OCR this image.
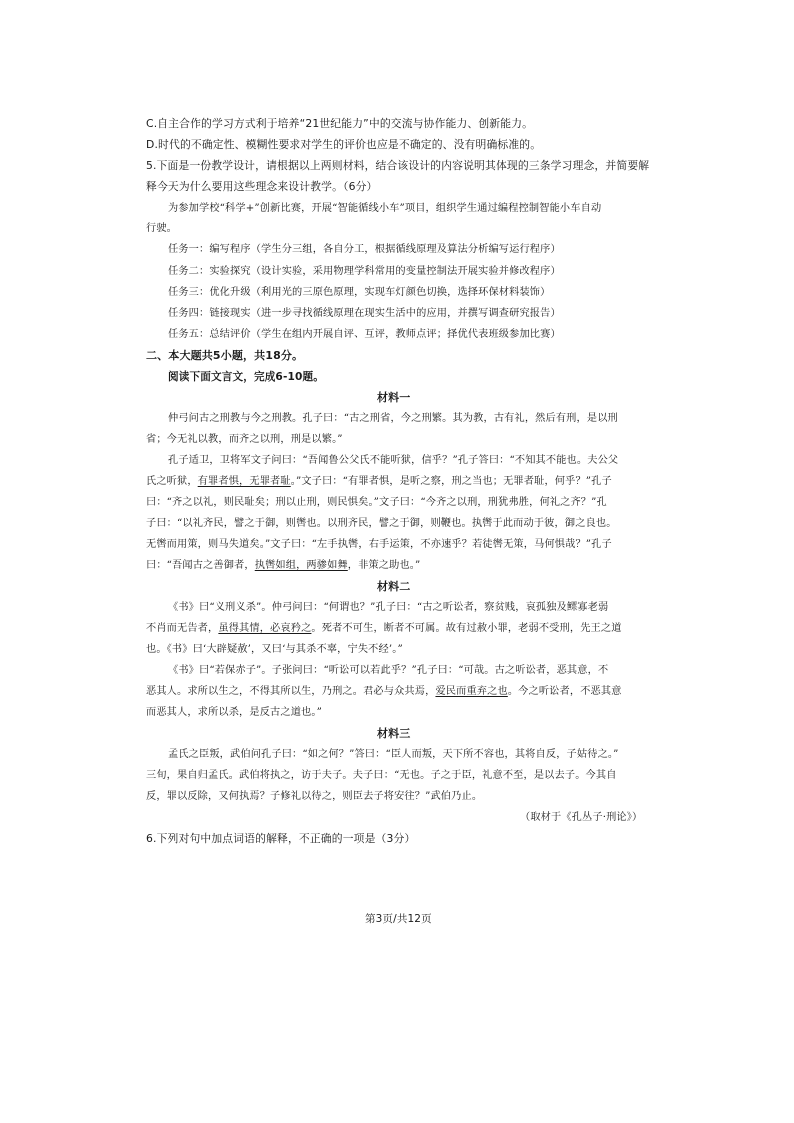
C.自主合作的学习方式利于培养“21世纪能力”中的交流与协作能力、创新能力。
D.时代的不确定性、模糊性要求对学生的评价也应是不确定的、没有明确标准的。
5.下面是一份教学设计，请根据以上两则材料，结合该设计的内容说明其体现的三条学习理念，并简要解
释今天为什么要用这些理念来设计教学。（6分）
为参加学校“科学+”创新比赛，开展“智能循线小车”项目，组织学生通过编程控制智能小车自动
行驶。
任务一：编写程序（学生分三组，各自分工，根据循线原理及算法分析编写运行程序）
任务二：实验探究（设计实验，采用物理学科常用的变量控制法开展实验并修改程序）
任务三：优化升级（利用光的三原色原理，实现车灯颜色切换，选择环保材料装饰）
任务四：链接现实（进一步寻找循线原理在现实生活中的应用，并撰写调查研究报告）
任务五：总结评价（学生在组内开展自评、互评，教师点评；择优代表班级参加比赛）
二、本大题共5小题，共18分。
阅读下面文言文，完成6-10题。
材料一
仲弓问古之刑教与今之刑教。孔子曰：“古之刑省，今之刑繁。其为教，古有礼，然后有刑，是以刑
省；今无礼以教，而齐之以刑，刑是以繁。”
孔子适卫，卫将军文子问曰：“吾闻鲁公父氏不能听狱，信乎？”孔子答曰：“不知其不能也。夫公父
氏之听狱，有罪者惧，无罪者耻。”文子曰：“有罪者惧，是听之察，刑之当也；无罪者耻，何乎？”孔子
曰：“齐之以礼，则民耻矣；刑以止刑，则民惧矣。”文子曰：“今齐之以刑，刑犹弗胜，何礼之齐？”孔
子曰：“以礼齐民，譬之于御，则辔也。以刑齐民，譬之于御，则鞭也。执辔于此而动于彼，御之良也。
无辔而用策，则马失道矣。”文子曰：“左手执辔，右手运策，不亦速乎？若徒辔无策，马何惧哉？”孔子
曰：“吾闻古之善御者，执辔如组，两骖如舞，非策之助也。”
材料二
《书》曰“义刑义杀”。仲弓问曰：“何谓也？”孔子曰：“古之听讼者，察贫贱，哀孤独及鳏寡老弱
不肖而无告者，虽得其情，必哀矜之。死者不可生，断者不可属。故有过赦小罪，老弱不受刑，先王之道
也。《书》曰‘大辟疑赦’，又曰‘与其杀不辜，宁失不经’。”
《书》曰“若保赤子”。子张问曰：“听讼可以若此乎？”孔子曰：“可哉。古之听讼者，恶其意，不
恶其人。求所以生之，不得其所以生，乃刑之。君必与众共焉，爱民而重弃之也。今之听讼者，不恶其意
而恶其人，求所以杀，是反古之道也。”
材料三
孟氏之臣叛，武伯问孔子曰：“如之何？”答曰：“臣人而叛，天下所不容也，其将自反，子姑待之。”
三旬，果自归孟氏。武伯将执之，访于夫子。夫子曰：“无也。子之于臣，礼意不至，是以去子。今其自
反，罪以反除，又何执焉？子修礼以待之，则臣去子将安往？”武伯乃止。
（取材于《孔丛子·刑论》）
6.下列对句中加点词语的解释，不正确的一项是（3分）
第3页/共12页
